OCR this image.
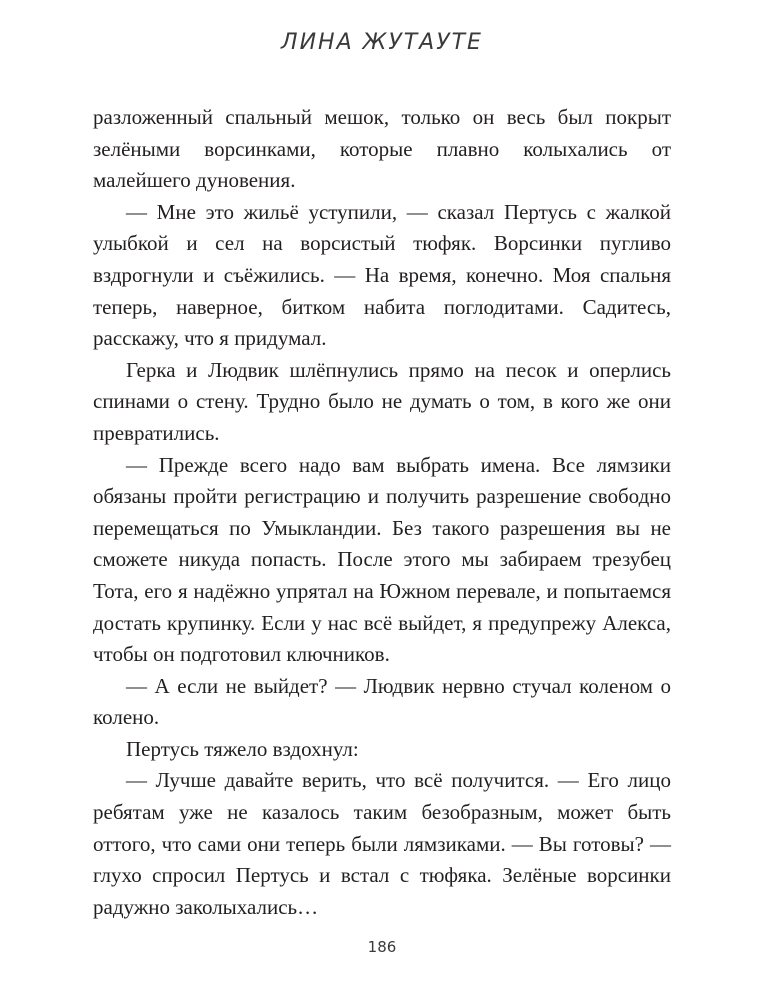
ЛИНА ЖУТАУТЕ

разложенный спальный мешок, только он весь был покрыт зелёными ворсинками, которые плавно колыхались от малейшего дуновения.

— Мне это жильё уступили, — сказал Пертусь с жалкой улыбкой и сел на ворсистый тюфяк. Ворсинки пугливо вздрогнули и съёжились. — На время, конечно. Моя спальня теперь, наверное, битком набита поглодитами. Садитесь, расскажу, что я придумал.

Герка и Людвик шлёпнулись прямо на песок и оперлись спинами о стену. Трудно было не думать о том, в кого же они превратились.

— Прежде всего надо вам выбрать имена. Все лямзики обязаны пройти регистрацию и получить разрешение свободно перемещаться по Умыкландии. Без такого разрешения вы не сможете никуда попасть. После этого мы забираем трезубец Тота, его я надёжно упрятал на Южном перевале, и попытаемся достать крупинку. Если у нас всё выйдет, я предупрежу Алекса, чтобы он подготовил ключников.

— А если не выйдет? — Людвик нервно стучал коленом о колено.

Пертусь тяжело вздохнул:

— Лучше давайте верить, что всё получится. — Его лицо ребятам уже не казалось таким безобразным, может быть оттого, что сами они теперь были лямзиками. — Вы готовы? — глухо спросил Пертусь и встал с тюфяка. Зелёные ворсинки радужно заколыхались…

186
